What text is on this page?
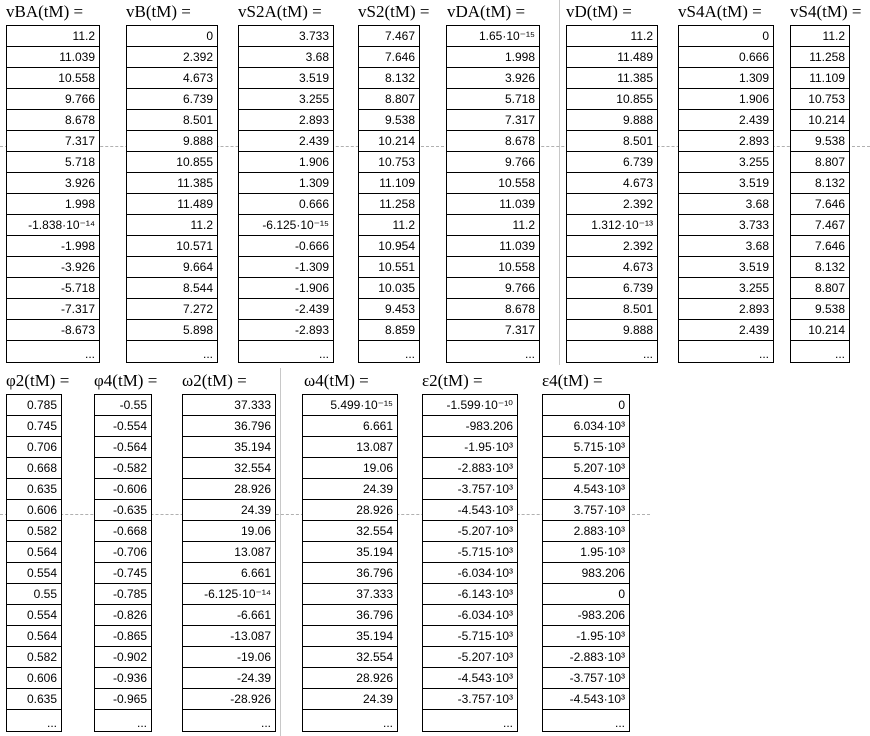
vBA(tM) =
11.2
11.039
10.558
9.766
8.678
7.317
5.718
3.926
1.998
-1.838·10⁻¹⁴
-1.998
-3.926
-5.718
-7.317
-8.673
...
vB(tM) =
0
2.392
4.673
6.739
8.501
9.888
10.855
11.385
11.489
11.2
10.571
9.664
8.544
7.272
5.898
...
vS2A(tM) =
3.733
3.68
3.519
3.255
2.893
2.439
1.906
1.309
0.666
-6.125·10⁻¹⁵
-0.666
-1.309
-1.906
-2.439
-2.893
...
vS2(tM) =
7.467
7.646
8.132
8.807
9.538
10.214
10.753
11.109
11.258
11.2
10.954
10.551
10.035
9.453
8.859
...
vDA(tM) =
1.65·10⁻¹⁵
1.998
3.926
5.718
7.317
8.678
9.766
10.558
11.039
11.2
11.039
10.558
9.766
8.678
7.317
...
vD(tM) =
11.2
11.489
11.385
10.855
9.888
8.501
6.739
4.673
2.392
1.312·10⁻¹³
2.392
4.673
6.739
8.501
9.888
...
vS4A(tM) =
0
0.666
1.309
1.906
2.439
2.893
3.255
3.519
3.68
3.733
3.68
3.519
3.255
2.893
2.439
...
vS4(tM) =
11.2
11.258
11.109
10.753
10.214
9.538
8.807
8.132
7.646
7.467
7.646
8.132
8.807
9.538
10.214
...
φ2(tM) =
0.785
0.745
0.706
0.668
0.635
0.606
0.582
0.564
0.554
0.55
0.554
0.564
0.582
0.606
0.635
...
φ4(tM) =
-0.55
-0.554
-0.564
-0.582
-0.606
-0.635
-0.668
-0.706
-0.745
-0.785
-0.826
-0.865
-0.902
-0.936
-0.965
...
ω2(tM) =
37.333
36.796
35.194
32.554
28.926
24.39
19.06
13.087
6.661
-6.125·10⁻¹⁴
-6.661
-13.087
-19.06
-24.39
-28.926
...
ω4(tM) =
5.499·10⁻¹⁵
6.661
13.087
19.06
24.39
28.926
32.554
35.194
36.796
37.333
36.796
35.194
32.554
28.926
24.39
...
ε2(tM) =
-1.599·10⁻¹⁰
-983.206
-1.95·10³
-2.883·10³
-3.757·10³
-4.543·10³
-5.207·10³
-5.715·10³
-6.034·10³
-6.143·10³
-6.034·10³
-5.715·10³
-5.207·10³
-4.543·10³
-3.757·10³
...
ε4(tM) =
0
6.034·10³
5.715·10³
5.207·10³
4.543·10³
3.757·10³
2.883·10³
1.95·10³
983.206
0
-983.206
-1.95·10³
-2.883·10³
-3.757·10³
-4.543·10³
...
